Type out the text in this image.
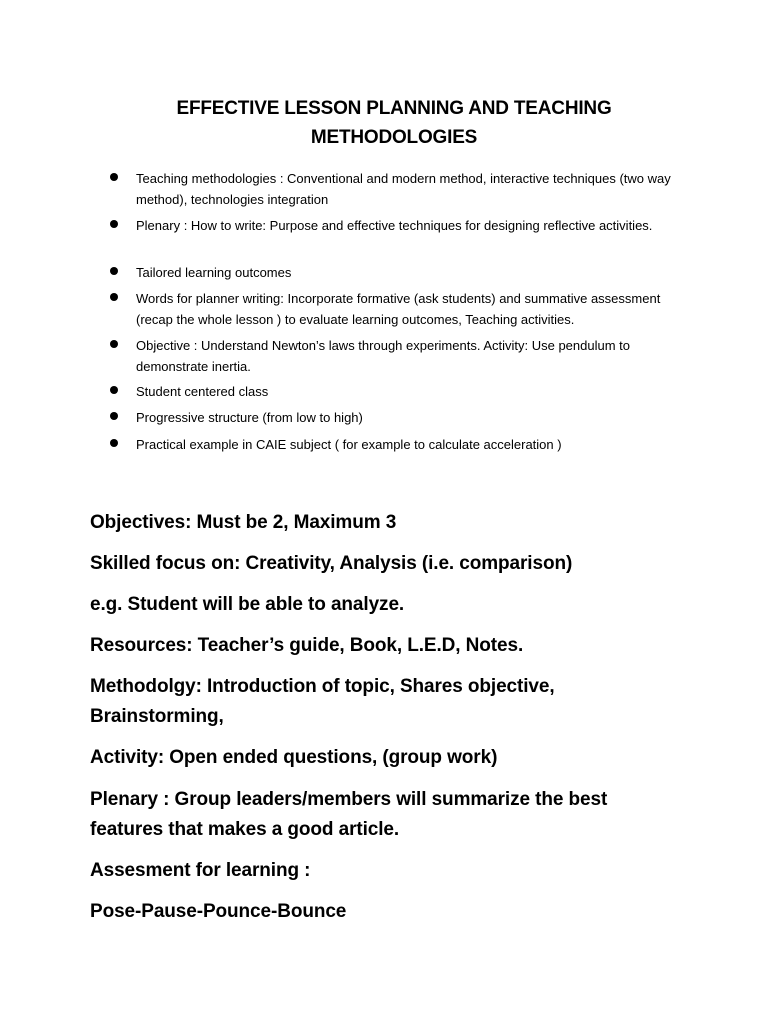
EFFECTIVE LESSON PLANNING AND TEACHING
METHODOLOGIES
Teaching methodologies : Conventional and modern method, interactive techniques (two way method), technologies integration
Plenary : How to write: Purpose and effective techniques for designing reflective activities.
Tailored learning outcomes
Words for planner writing: Incorporate formative (ask students) and summative assessment (recap the whole lesson ) to evaluate learning outcomes, Teaching activities.
Objective : Understand Newton’s laws through experiments. Activity: Use pendulum to demonstrate inertia.
Student centered class
Progressive structure (from low to high)
Practical example in CAIE subject ( for example to calculate acceleration )
Objectives: Must be 2, Maximum 3
Skilled focus on: Creativity, Analysis (i.e. comparison)
e.g. Student will be able to analyze.
Resources: Teacher’s guide, Book, L.E.D, Notes.
Methodolgy: Introduction of topic, Shares objective, Brainstorming,
Activity: Open ended questions, (group work)
Plenary : Group leaders/members will summarize the best features that makes a good article.
Assesment for learning :
Pose-Pause-Pounce-Bounce
